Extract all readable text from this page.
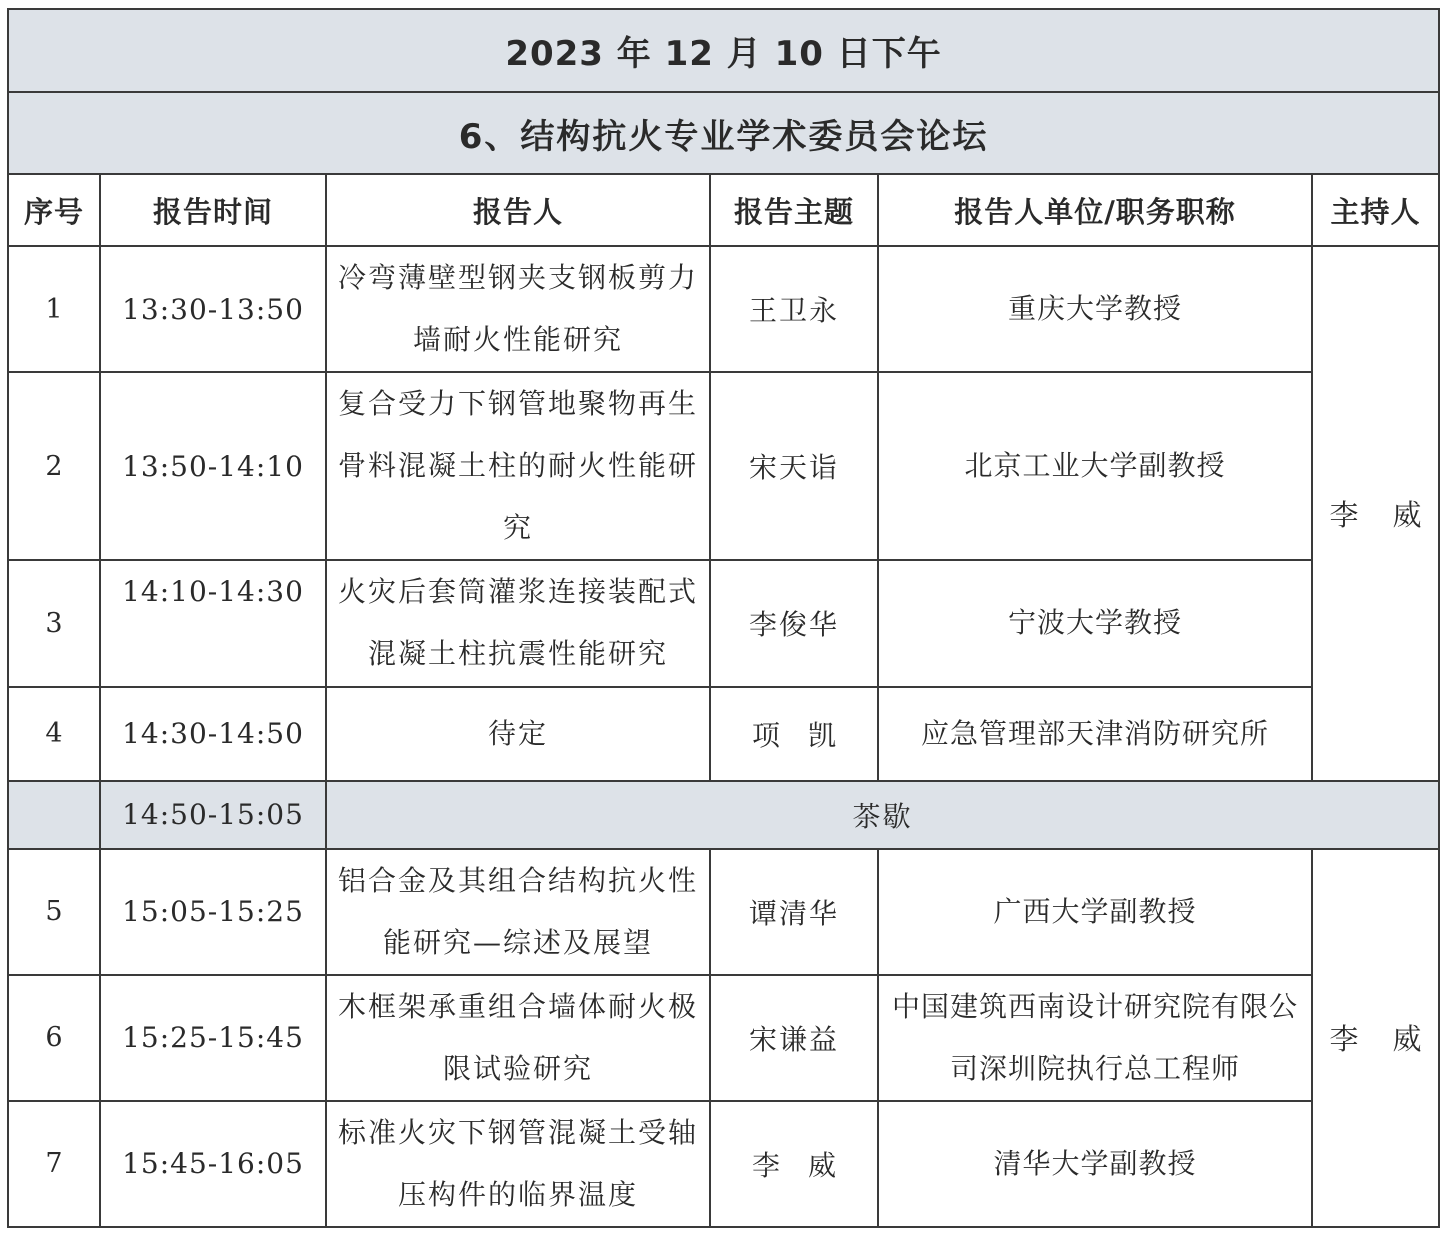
2023 年 12 月 10 日下午					
6、结构抗火专业学术委员会论坛					
序号	报告时间	报告人	报告主题	报告人单位/职务职称	主持人
1	13:30-13:50	冷弯薄壁型钢夹支钢板剪力墙耐火性能研究	王卫永	重庆大学教授	李威
2	13:50-14:10	复合受力下钢管地聚物再生骨料混凝土柱的耐火性能研究	宋天诣	北京工业大学副教授	
3	14:10-14:30	火灾后套筒灌浆连接装配式混凝土柱抗震性能研究	李俊华	宁波大学教授	
4	14:30-14:50	待定	项凯	应急管理部天津消防研究所	
	14:50-15:05	茶歇			
5	15:05-15:25	铝合金及其组合结构抗火性能研究—综述及展望	谭清华	广西大学副教授	李威
6	15:25-15:45	木框架承重组合墙体耐火极限试验研究	宋谦益	中国建筑西南设计研究院有限公司深圳院执行总工程师	
7	15:45-16:05	标准火灾下钢管混凝土受轴压构件的临界温度	李威	清华大学副教授	
